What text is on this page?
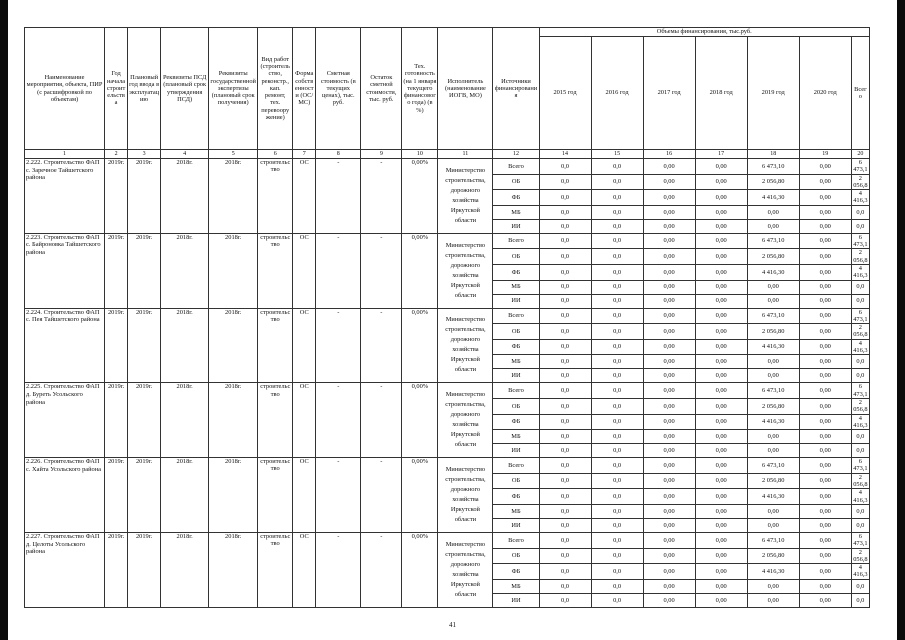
Наименование мероприятия, объекта, ПИР (с расшифровкой по объектам)	Год начала строительства	Плановый год ввода в эксплуатацию	Реквизиты ПСД (плановый срок утверждения ПСД)	Реквизиты государственной экспертизы (плановый срок получения)	Вид работ (строительство, реконстр., кап. ремонт, тех. перевооружение)	Форма собственности (ОС/МС)	Сметная стоимость (в текущих ценах), тыс. руб.	Остаток сметной стоимости, тыс. руб.	Тех. готовность (на 1 января текущего финансового года) (в %)	Исполнитель (наименование ИОГВ, МО)	Источники финансирования	Объемы финансирования, тыс.руб.						
												2015 год	2016 год	2017 год	2018 год	2019 год	2020 год	Всего
1	2	3	4	5	6	7	8	9	10	11	12	14	15	16	17	18	19	20
2.222. Строительство ФАП с. Заречное Тайшетского района	2019г.	2019г.	2018г.	2018г.	строительство	ОС	-	-	0,00%	Министерство строительства, дорожного хозяйства Иркутской области	Всего	0,0	0,0	0,00	0,00	6 473,10	0,00	6 473,1
											ОБ	0,0	0,0	0,00	0,00	2 056,80	0,00	2 056,8
											ФБ	0,0	0,0	0,00	0,00	4 416,30	0,00	4 416,3
											МБ	0,0	0,0	0,00	0,00	0,00	0,00	0,0
											ИИ	0,0	0,0	0,00	0,00	0,00	0,00	0,0
2.223. Строительство ФАП с. Байроновка Тайшетского района	2019г.	2019г.	2018г.	2018г.	строительство	ОС	-	-	0,00%	Министерство строительства, дорожного хозяйства Иркутской области	Всего	0,0	0,0	0,00	0,00	6 473,10	0,00	6 473,1
											ОБ	0,0	0,0	0,00	0,00	2 056,80	0,00	2 056,8
											ФБ	0,0	0,0	0,00	0,00	4 416,30	0,00	4 416,3
											МБ	0,0	0,0	0,00	0,00	0,00	0,00	0,0
											ИИ	0,0	0,0	0,00	0,00	0,00	0,00	0,0
2.224. Строительство ФАП с. Пея Тайшетского района	2019г.	2019г.	2018г.	2018г.	строительство	ОС	-	-	0,00%	Министерство строительства, дорожного хозяйства Иркутской области	Всего	0,0	0,0	0,00	0,00	6 473,10	0,00	6 473,1
											ОБ	0,0	0,0	0,00	0,00	2 056,80	0,00	2 056,8
											ФБ	0,0	0,0	0,00	0,00	4 416,30	0,00	4 416,3
											МБ	0,0	0,0	0,00	0,00	0,00	0,00	0,0
											ИИ	0,0	0,0	0,00	0,00	0,00	0,00	0,0
2.225. Строительство ФАП д. Буреть Усольского района	2019г.	2019г.	2018г.	2018г.	строительство	ОС	-	-	0,00%	Министерство строительства, дорожного хозяйства Иркутской области	Всего	0,0	0,0	0,00	0,00	6 473,10	0,00	6 473,1
											ОБ	0,0	0,0	0,00	0,00	2 056,80	0,00	2 056,8
											ФБ	0,0	0,0	0,00	0,00	4 416,30	0,00	4 416,3
											МБ	0,0	0,0	0,00	0,00	0,00	0,00	0,0
											ИИ	0,0	0,0	0,00	0,00	0,00	0,00	0,0
2.226. Строительство ФАП с. Хайта Усольского района	2019г.	2019г.	2018г.	2018г.	строительство	ОС	-	-	0,00%	Министерство строительства, дорожного хозяйства Иркутской области	Всего	0,0	0,0	0,00	0,00	6 473,10	0,00	6 473,1
											ОБ	0,0	0,0	0,00	0,00	2 056,80	0,00	2 056,8
											ФБ	0,0	0,0	0,00	0,00	4 416,30	0,00	4 416,3
											МБ	0,0	0,0	0,00	0,00	0,00	0,00	0,0
											ИИ	0,0	0,0	0,00	0,00	0,00	0,00	0,0
2.227. Строительство ФАП д. Целоты Усольского района	2019г.	2019г.	2018г.	2018г.	строительство	ОС	-	-	0,00%	Министерство строительства, дорожного хозяйства Иркутской области	Всего	0,0	0,0	0,00	0,00	6 473,10	0,00	6 473,1
											ОБ	0,0	0,0	0,00	0,00	2 056,80	0,00	2 056,8
											ФБ	0,0	0,0	0,00	0,00	4 416,30	0,00	4 416,3
											МБ	0,0	0,0	0,00	0,00	0,00	0,00	0,0
											ИИ	0,0	0,0	0,00	0,00	0,00	0,00	0,0
41
